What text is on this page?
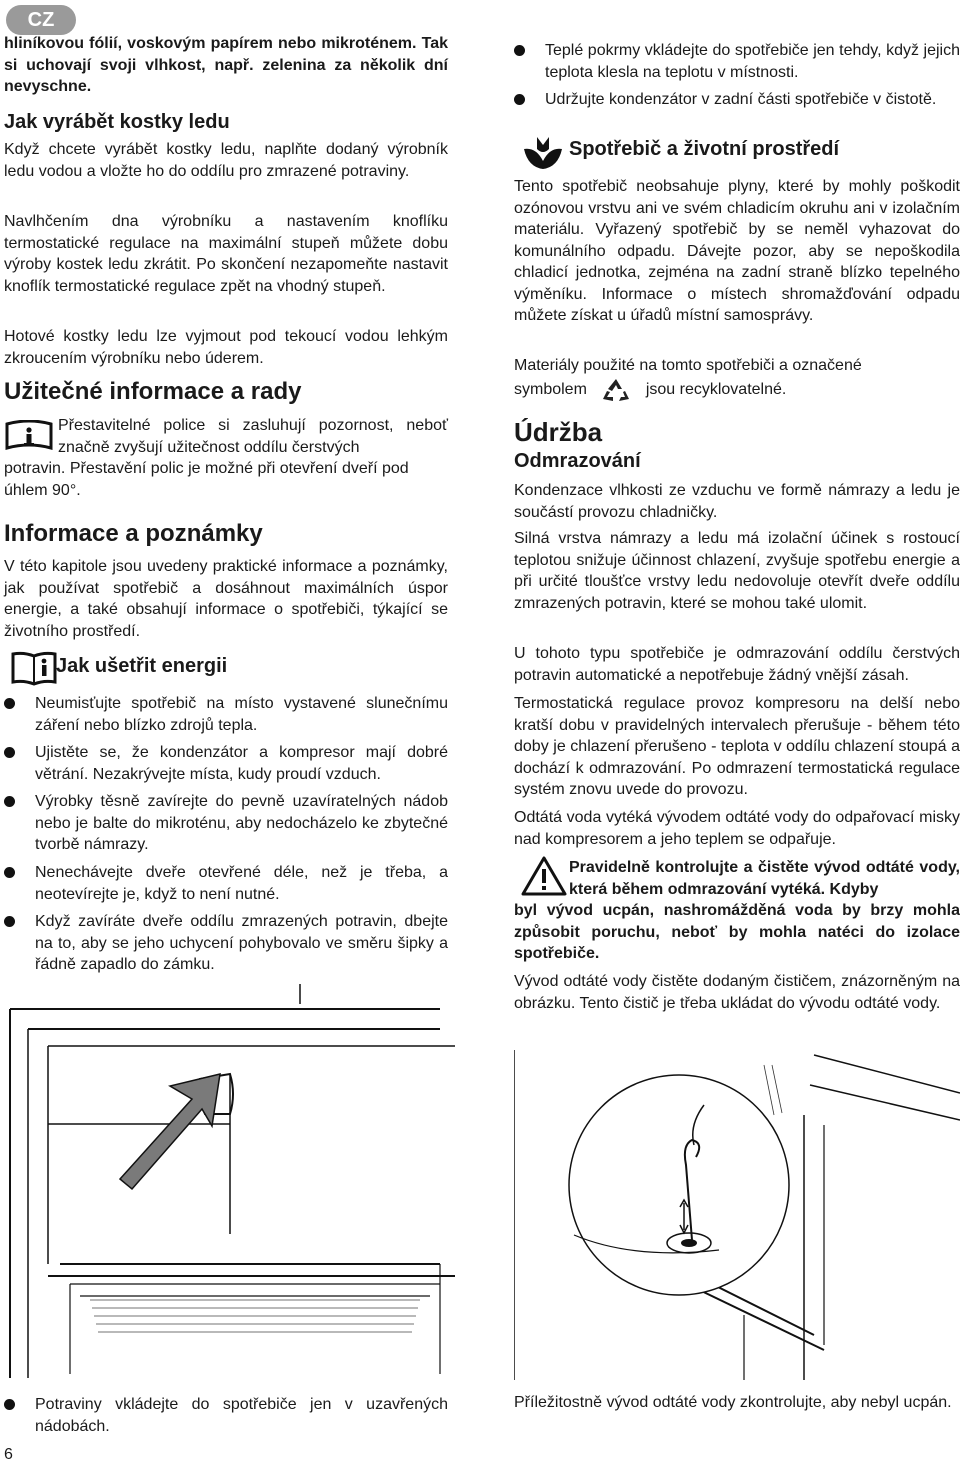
CZ

hliníkovou fólií, voskovým papírem nebo mikroténem. Tak si uchovají svoji vlhkost, např. zelenina za několik dní nevyschne.

Jak vyrábět kostky ledu

Když chcete vyrábět kostky ledu, naplňte dodaný výrobník ledu vodou a vložte ho do oddílu pro zmrazené potraviny.

Navlhčením dna výrobníku a nastavením knoflíku termostatické regulace na maximální stupeň můžete dobu výroby kostek ledu zkrátit. Po skončení nezapomeňte nastavit knoflík termostatické regulace zpět na vhodný stupeň.

Hotové kostky ledu lze vyjmout pod tekoucí vodou lehkým zkroucením výrobníku nebo úderem.

Užitečné informace a rady

Přestavitelné police si zasluhují pozornost, neboť značně zvyšují užitečnost oddílu čerstvých

potravin. Přestavění polic je možné při otevření dveří pod úhlem 90°.

Informace a poznámky

V této kapitole jsou uvedeny praktické informace a poznámky, jak používat spotřebič a dosáhnout maximálních úspor energie, a také obsahují informace o spotřebiči, týkající se životního prostředí.

Jak ušetřit energii

Neumisťujte spotřebič na místo vystavené slunečnímu záření nebo blízko zdrojů tepla.

Ujistěte se, že kondenzátor a kompresor mají dobré větrání. Nezakrývejte místa, kudy proudí vzduch.

Výrobky těsně zavírejte do pevně uzavíratelných nádob nebo je balte do mikroténu, aby nedocházelo ke zbytečné tvorbě námrazy.

Nenechávejte dveře otevřené déle, než je třeba, a neotevírejte je, když to není nutné.

Když zavíráte dveře oddílu zmrazených potravin, dbejte na to, aby se jeho uchycení pohybovalo ve směru šipky a řádně zapadlo do zámku.

Potraviny vkládejte do spotřebiče jen v uzavřených nádobách.

Teplé pokrmy vkládejte do spotřebiče jen tehdy, když jejich teplota klesla na teplotu v místnosti.

Udržujte kondenzátor v zadní části spotřebiče v čistotě.

Spotřebič a životní prostředí

Tento spotřebič neobsahuje plyny, které by mohly poškodit ozónovou vrstvu ani ve svém chladicím okruhu ani v izolačním materiálu. Vyřazený spotřebič by se neměl vyhazovat do komunálního odpadu. Dávejte pozor, aby se nepoškodila chladicí jednotka, zejména na zadní straně blízko tepelného výměníku. Informace o místech shromažďování odpadu můžete získat u úřadů místní samosprávy.

Materiály použité na tomto spotřebiči a označené

symbolem	jsou recyklovatelné.

Údržba
Odmrazování

Kondenzace vlhkosti ze vzduchu ve formě námrazy a ledu je součástí provozu chladničky.

Silná vrstva námrazy a ledu má izolační účinek s rostoucí teplotou snižuje účinnost chlazení, zvyšuje spotřebu energie a při určité tloušťce vrstvy ledu nedovoluje otevřít dveře oddílu zmrazených potravin, které se mohou také ulomit.

U tohoto typu spotřebiče je odmrazování oddílu čerstvých potravin automatické a nepotřebuje žádný vnější zásah.

Termostatická regulace provoz kompresoru na delší nebo kratší dobu v pravidelných intervalech přerušuje - během této doby je chlazení přerušeno - teplota v oddílu chlazení stoupá a dochází k odmrazování. Po odmrazení termostatická regulace systém znovu uvede do provozu.

Odtátá voda vytéká vývodem odtáté vody do odpařovací misky nad kompresorem a jeho teplem se odpařuje.

Pravidelně kontrolujte a čistěte vývod odtáté vody, která během odmrazování vytéká. Kdyby

byl vývod ucpán, nashromážděná voda by brzy mohla způsobit poruchu, neboť by mohla natéci do izolace spotřebiče.

Vývod odtáté vody čistěte dodaným čističem, znázorněným na obrázku. Tento čistič je třeba ukládat do vývodu odtáté vody.

Příležitostně vývod odtáté vody zkontrolujte, aby nebyl ucpán.

6
